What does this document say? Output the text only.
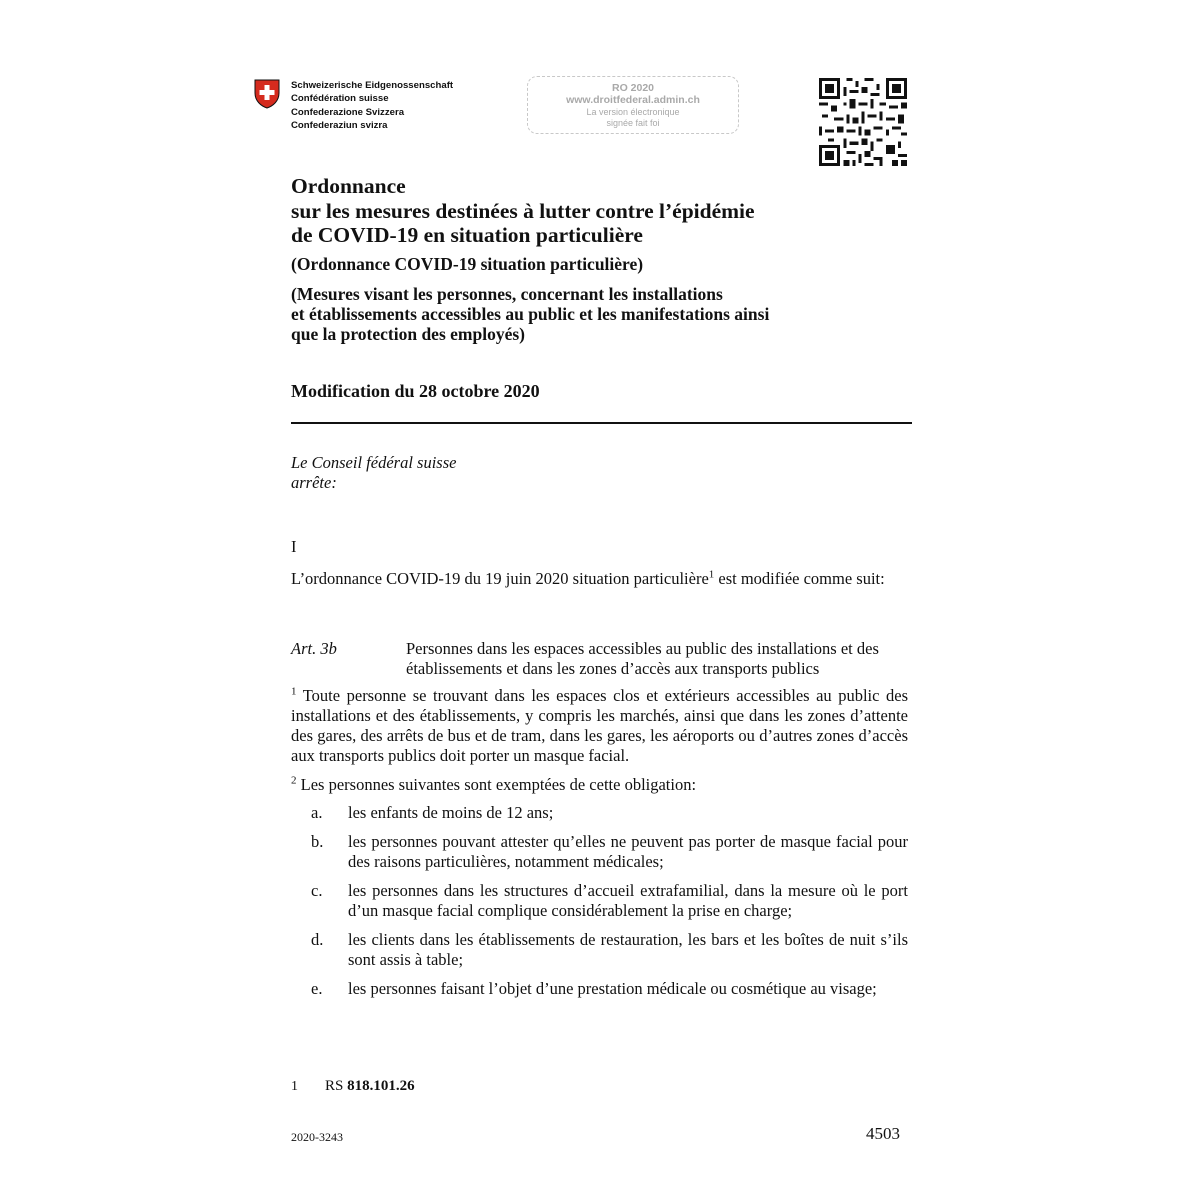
Schweizerische Eidgenossenschaft
Confédération suisse
Confederazione Svizzera
Confederaziun svizra
RO 2020
www.droitfederal.admin.ch
La version électronique
signée fait foi
Ordonnance
sur les mesures destinées à lutter contre l’épidémie
de COVID-19 en situation particulière
(Ordonnance COVID-19 situation particulière)
(Mesures visant les personnes, concernant les installations
et établissements accessibles au public et les manifestations ainsi
que la protection des employés)
Modification du 28 octobre 2020
Le Conseil fédéral suisse
arrête:
I
L’ordonnance COVID-19 du 19 juin 2020 situation particulière$^1$ est modifiée comme suit:
Art. 3b	Personnes dans les espaces accessibles au public des installations et des établissements et dans les zones d’accès aux transports publics
$^1$ Toute personne se trouvant dans les espaces clos et extérieurs accessibles au public des installations et des établissements, y compris les marchés, ainsi que dans les zones d’attente des gares, des arrêts de bus et de tram, dans les gares, les aéroports ou d’autres zones d’accès aux transports publics doit porter un masque facial.
$^2$ Les personnes suivantes sont exemptées de cette obligation:
a. les enfants de moins de 12 ans;
b. les personnes pouvant attester qu’elles ne peuvent pas porter de masque facial pour des raisons particulières, notamment médicales;
c. les personnes dans les structures d’accueil extrafamilial, dans la mesure où le port d’un masque facial complique considérablement la prise en charge;
d. les clients dans les établissements de restauration, les bars et les boîtes de nuit s’ils sont assis à table;
e. les personnes faisant l’objet d’une prestation médicale ou cosmétique au visage;
1 RS 818.101.26
2020-3243	4503
